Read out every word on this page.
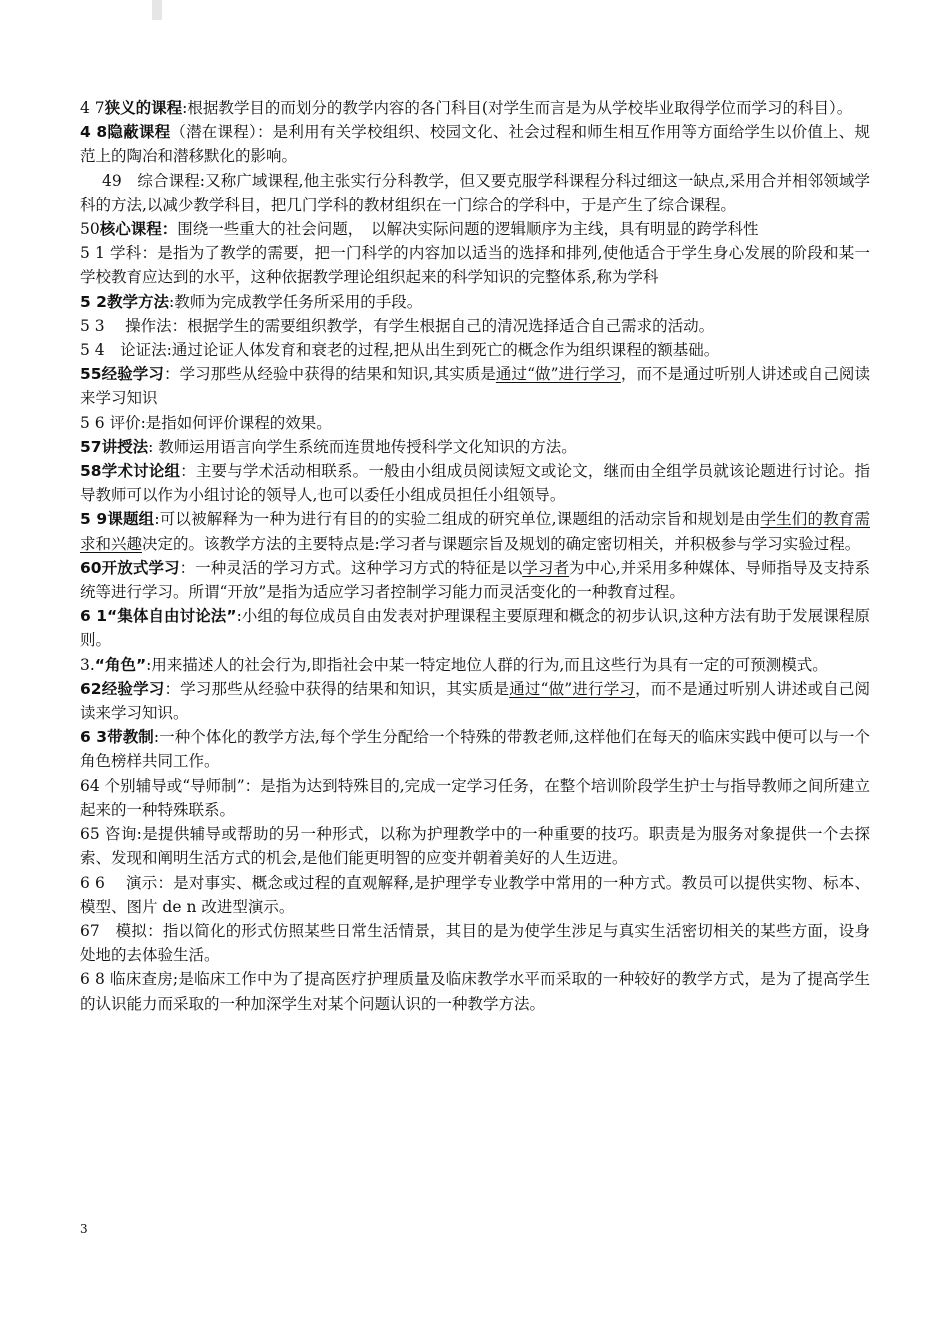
4 7狭义的课程:根据教学目的而划分的教学内容的各门科目(对学生而言是为从学校毕业取得学位而学习的科目）。

4 8隐蔽课程（潜在课程）：是利用有关学校组织、校园文化、社会过程和师生相互作用等方面给学生以价值上、规范上的陶冶和潜移默化的影响。

49　综合课程:又称广域课程,他主张实行分科教学，但又要克服学科课程分科过细这一缺点,采用合并相邻领域学科的方法,以减少教学科目，把几门学科的教材组织在一门综合的学科中，于是产生了综合课程。

50核心课程：围绕一些重大的社会问题，　以解决实际问题的逻辑顺序为主线，具有明显的跨学科性

5 1 学科：是指为了教学的需要，把一门科学的内容加以适当的选择和排列,使他适合于学生身心发展的阶段和某一学校教育应达到的水平，这种依据教学理论组织起来的科学知识的完整体系,称为学科

5 2教学方法:教师为完成教学任务所采用的手段。

5 3　 操作法：根据学生的需要组织教学，有学生根据自己的清况选择适合自己需求的活动。

5 4　论证法:通过论证人体发育和衰老的过程,把从出生到死亡的概念作为组织课程的额基础。

55经验学习：学习那些从经验中获得的结果和知识,其实质是通过“做”进行学习，而不是通过听别人讲述或自己阅读来学习知识

5 6 评价:是指如何评价课程的效果。

57讲授法: 教师运用语言向学生系统而连贯地传授科学文化知识的方法。

58学术讨论组：主要与学术活动相联系。一般由小组成员阅读短文或论文，继而由全组学员就该论题进行讨论。指导教师可以作为小组讨论的领导人,也可以委任小组成员担任小组领导。

5 9课题组:可以被解释为一种为进行有目的的实验二组成的研究单位,课题组的活动宗旨和规划是由学生们的教育需求和兴趣决定的。该教学方法的主要特点是:学习者与课题宗旨及规划的确定密切相关，并积极参与学习实验过程。

60开放式学习：一种灵活的学习方式。这种学习方式的特征是以学习者为中心,并采用多种媒体、导师指导及支持系统等进行学习。所谓“开放”是指为适应学习者控制学习能力而灵活变化的一种教育过程。

6 1“集体自由讨论法”:小组的每位成员自由发表对护理课程主要原理和概念的初步认识,这种方法有助于发展课程原则。

3.“角色”:用来描述人的社会行为,即指社会中某一特定地位人群的行为,而且这些行为具有一定的可预测模式。

62经验学习：学习那些从经验中获得的结果和知识，其实质是通过“做”进行学习，而不是通过听别人讲述或自己阅读来学习知识。

6 3带教制:一种个体化的教学方法,每个学生分配给一个特殊的带教老师,这样他们在每天的临床实践中便可以与一个角色榜样共同工作。

64 个别辅导或“导师制”：是指为达到特殊目的,完成一定学习任务，在整个培训阶段学生护士与指导教师之间所建立起来的一种特殊联系。

65 咨询:是提供辅导或帮助的另一种形式，以称为护理教学中的一种重要的技巧。职责是为服务对象提供一个去探索、发现和阐明生活方式的机会,是他们能更明智的应变并朝着美好的人生迈进。

6 6　 演示：是对事实、概念或过程的直观解释,是护理学专业教学中常用的一种方式。教员可以提供实物、标本、模型、图片 de n 改进型演示。

67　模拟：指以简化的形式仿照某些日常生活情景，其目的是为使学生涉足与真实生活密切相关的某些方面，设身处地的去体验生活。

6 8 临床查房;是临床工作中为了提高医疗护理质量及临床教学水平而采取的一种较好的教学方式，是为了提高学生的认识能力而采取的一种加深学生对某个问题认识的一种教学方法。

3
